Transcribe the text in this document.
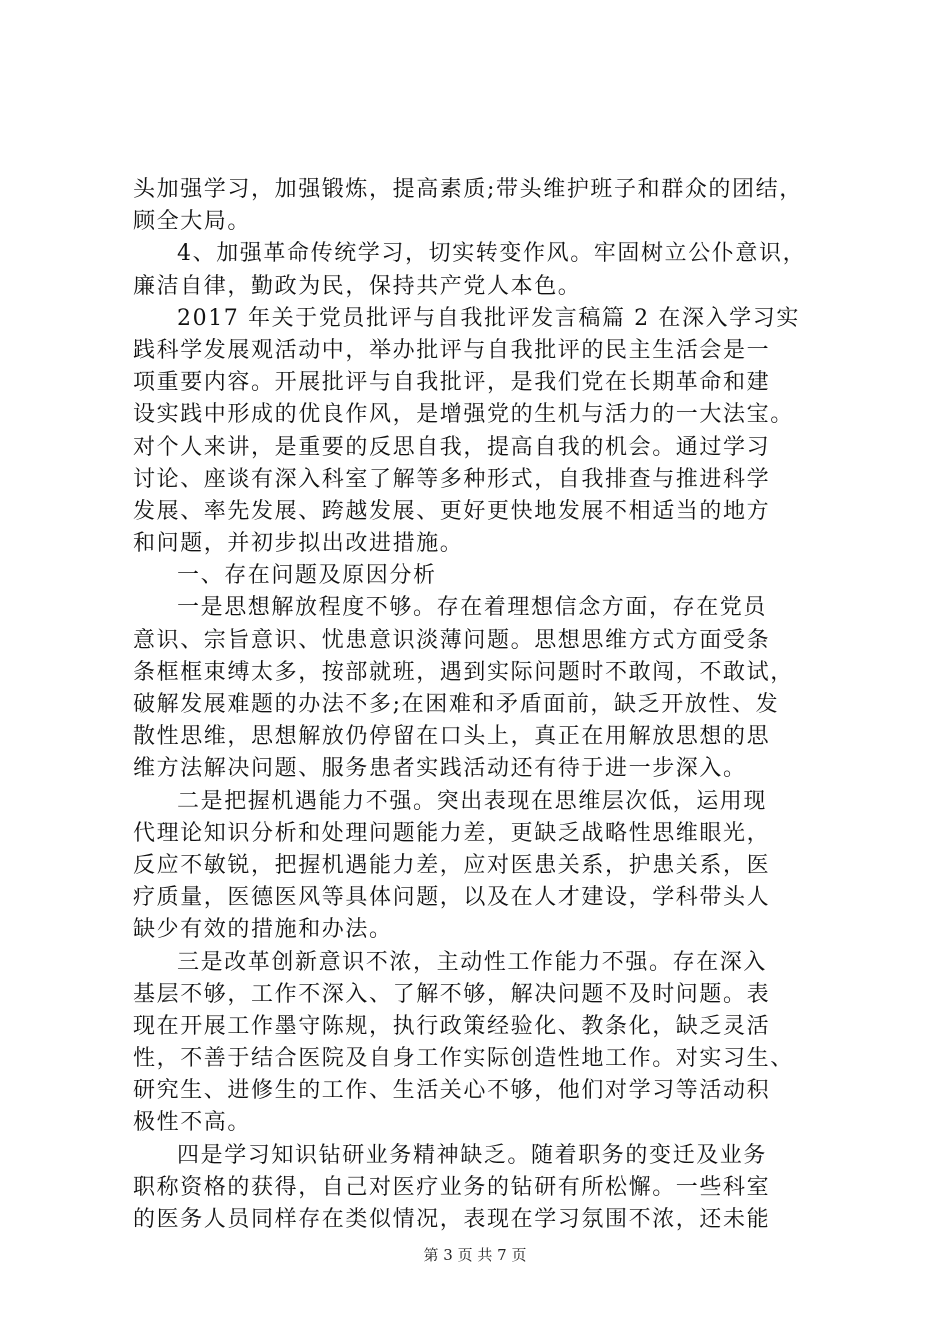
头加强学习，加强锻炼，提高素质;带头维护班子和群众的团结，
顾全大局。
4、加强革命传统学习，切实转变作风。牢固树立公仆意识，
廉洁自律，勤政为民，保持共产党人本色。
2017 年关于党员批评与自我批评发言稿篇 2 在深入学习实
践科学发展观活动中，举办批评与自我批评的民主生活会是一
项重要内容。开展批评与自我批评，是我们党在长期革命和建
设实践中形成的优良作风，是增强党的生机与活力的一大法宝。
对个人来讲，是重要的反思自我，提高自我的机会。通过学习
讨论、座谈有深入科室了解等多种形式，自我排查与推进科学
发展、率先发展、跨越发展、更好更快地发展不相适当的地方
和问题，并初步拟出改进措施。
一、存在问题及原因分析
一是思想解放程度不够。存在着理想信念方面，存在党员
意识、宗旨意识、忧患意识淡薄问题。思想思维方式方面受条
条框框束缚太多，按部就班，遇到实际问题时不敢闯，不敢试，
破解发展难题的办法不多;在困难和矛盾面前，缺乏开放性、发
散性思维，思想解放仍停留在口头上，真正在用解放思想的思
维方法解决问题、服务患者实践活动还有待于进一步深入。
二是把握机遇能力不强。突出表现在思维层次低，运用现
代理论知识分析和处理问题能力差，更缺乏战略性思维眼光，
反应不敏锐，把握机遇能力差，应对医患关系，护患关系，医
疗质量，医德医风等具体问题，以及在人才建设，学科带头人
缺少有效的措施和办法。
三是改革创新意识不浓，主动性工作能力不强。存在深入
基层不够，工作不深入、了解不够，解决问题不及时问题。表
现在开展工作墨守陈规，执行政策经验化、教条化，缺乏灵活
性，不善于结合医院及自身工作实际创造性地工作。对实习生、
研究生、进修生的工作、生活关心不够，他们对学习等活动积
极性不高。
四是学习知识钻研业务精神缺乏。随着职务的变迁及业务
职称资格的获得，自己对医疗业务的钻研有所松懈。一些科室
的医务人员同样存在类似情况，表现在学习氛围不浓，还未能
第 3 页 共 7 页
